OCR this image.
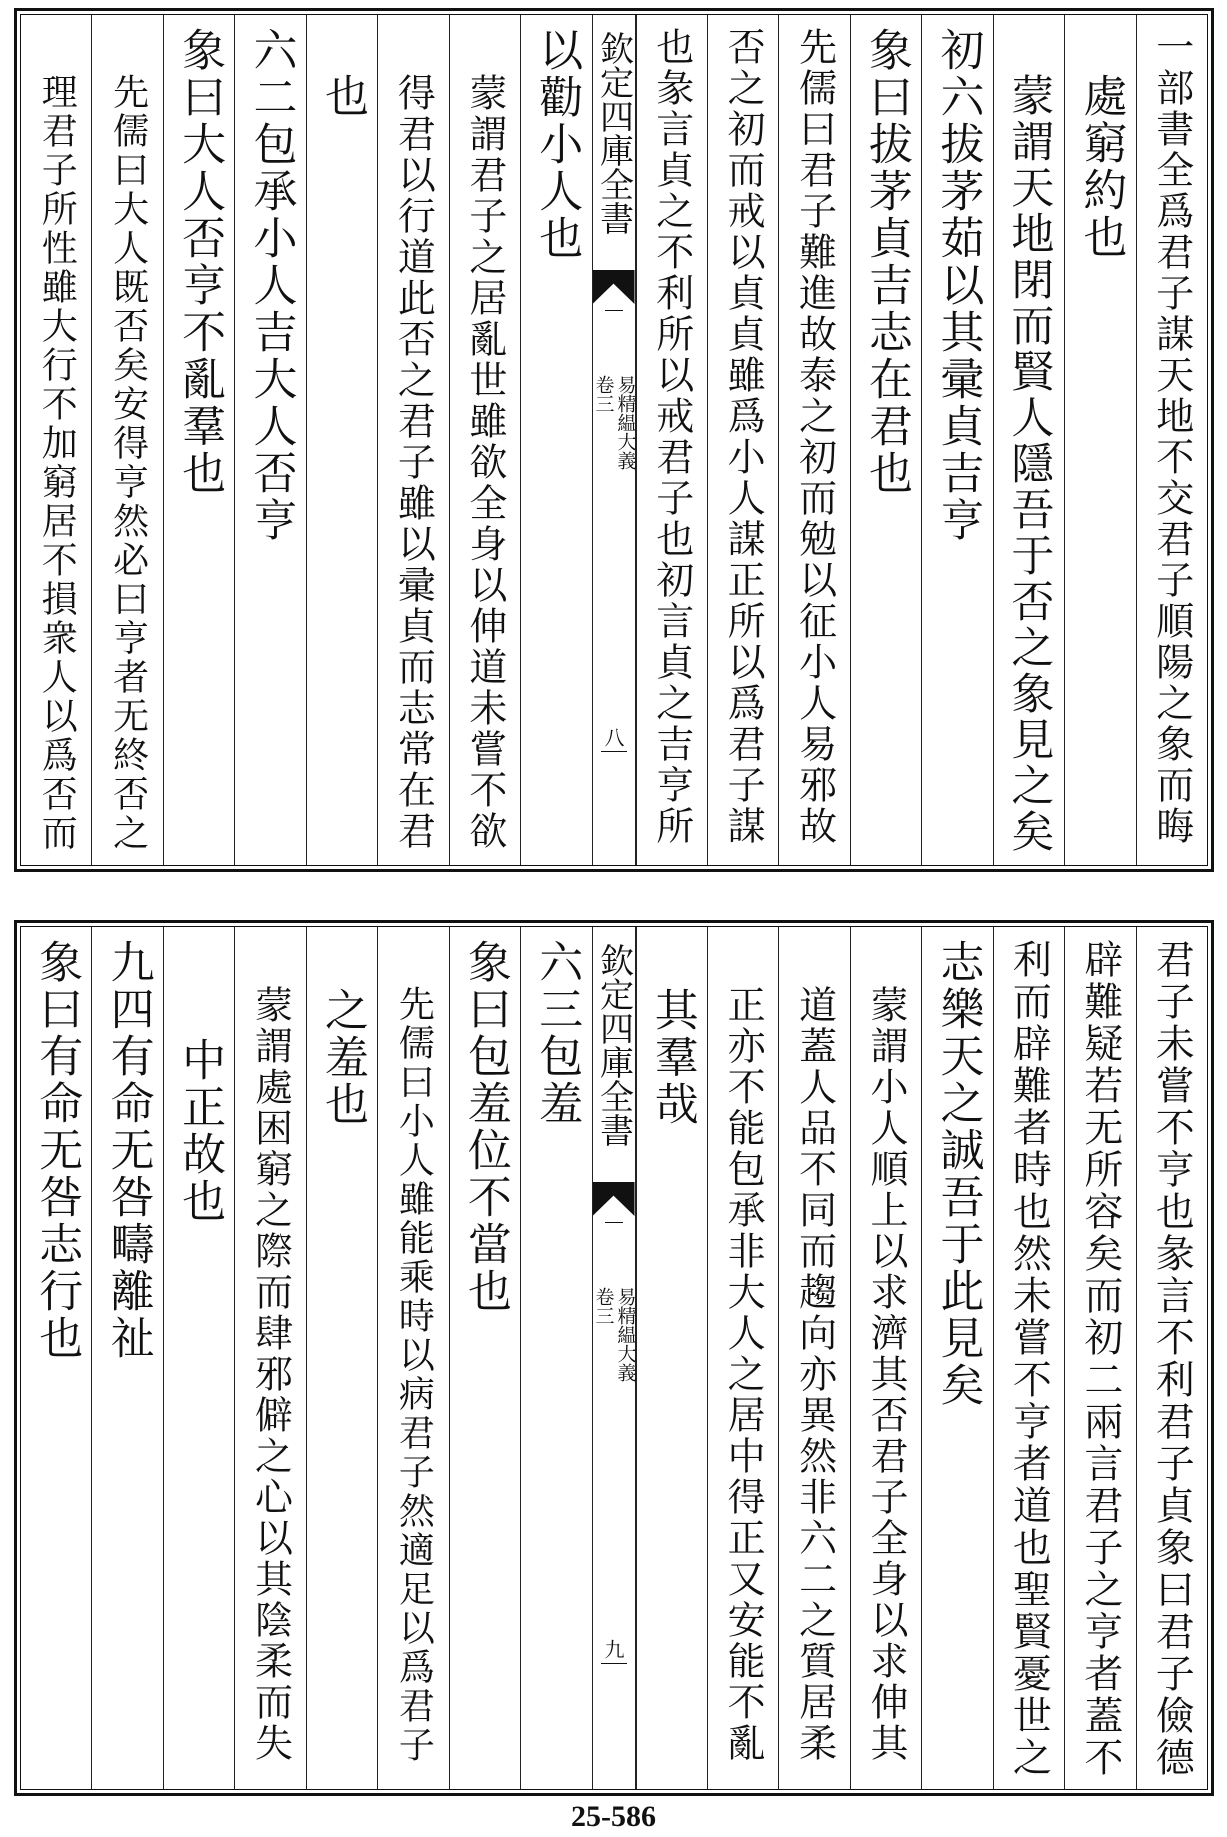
一部書全爲君子謀天地不交君子順陽之象而晦
處窮約也
蒙謂天地閉而賢人隱吾于否之象見之矣
初六拔茅茹以其彚貞吉亨
象曰拔茅貞吉志在君也
先儒曰君子難進故泰之初而勉以征小人易邪故
否之初而戒以貞貞雖爲小人謀正所以爲君子謀
也彖言貞之不利所以戒君子也初言貞之吉亨所
欽定四庫全書
易精緼大義
卷三
八
以勸小人也
蒙謂君子之居亂世雖欲全身以伸道未嘗不欲
得君以行道此否之君子雖以彚貞而志常在君
也
六二包承小人吉大人否亨
象曰大人否亨不亂羣也
先儒曰大人既否矣安得亨然必曰亨者无終否之
理君子所性雖大行不加窮居不損衆人以爲否而
君子未嘗不亨也彖言不利君子貞象曰君子儉德
辟難疑若无所容矣而初二兩言君子之亨者蓋不
利而辟難者時也然未嘗不亨者道也聖賢憂世之
志樂天之誠吾于此見矣
蒙謂小人順上以求濟其否君子全身以求伸其
道蓋人品不同而趨向亦異然非六二之質居柔
正亦不能包承非大人之居中得正又安能不亂
其羣哉
欽定四庫全書
易精緼大義
卷三
九
六三包羞
象曰包羞位不當也
先儒曰小人雖能乘時以病君子然適足以爲君子
之羞也
蒙謂處困窮之際而肆邪僻之心以其陰柔而失
中正故也
九四有命无咎疇離祉
象曰有命无咎志行也
25-586
